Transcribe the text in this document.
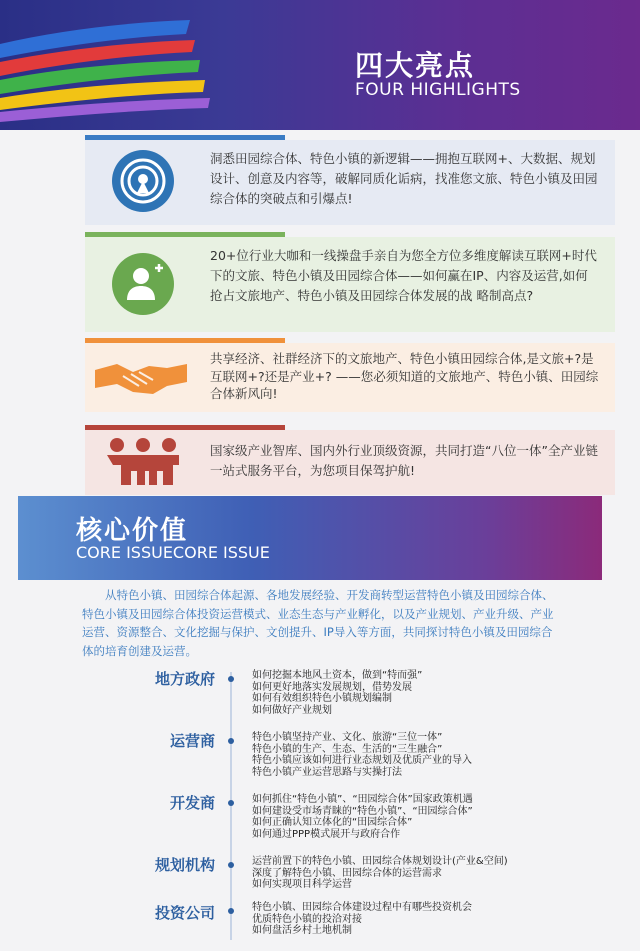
四大亮点
FOUR HIGHLIGHTS
洞悉田园综合体、特色小镇的新逻辑——拥抱互联网+、大数据、规划设计、创意及内容等，破解同质化诟病，找准您文旅、特色小镇及田园综合体的突破点和引爆点!
20+位行业大咖和一线操盘手亲自为您全方位多维度解读互联网+时代下的文旅、特色小镇及田园综合体——如何赢在IP、内容及运营,如何抢占文旅地产、特色小镇及田园综合体发展的战 略制高点?
共享经济、社群经济下的文旅地产、特色小镇田园综合体,是文旅+?是互联网+?还是产业+? ——您必须知道的文旅地产、特色小镇、田园综合体新风向!
国家级产业智库、国内外行业顶级资源，共同打造“八位一体”全产业链一站式服务平台，为您项目保驾护航!
核心价值
CORE ISSUECORE ISSUE
从特色小镇、田园综合体起源、各地发展经验、开发商转型运营特色小镇及田园综合体、特色小镇及田园综合体投资运营模式、业态生态与产业孵化，以及产业规划、产业升级、产业运营、资源整合、文化挖掘与保护、文创提升、IP导入等方面，共同探讨特色小镇及田园综合体的培育创建及运营。
地方政府	如何挖掘本地风土资本，做到“特而强”
如何更好地落实发展规划，借势发展
如何有效组织特色小镇规划编制
如何做好产业规划
运营商	特色小镇坚持产业、文化、旅游“三位一体”
特色小镇的生产、生态、生活的“三生融合”
特色小镇应该如何进行业态规划及优质产业的导入
特色小镇产业运营思路与实操打法
开发商	如何抓住“特色小镇”、“田园综合体”国家政策机遇
如何建设受市场青睐的“特色小镇”、“田园综合体”
如何正确认知立体化的“田园综合体”
如何通过PPP模式展开与政府合作
规划机构	运营前置下的特色小镇、田园综合体规划设计(产业&空间)
深度了解特色小镇、田园综合体的运营需求
如何实现项目科学运营
投资公司	特色小镇、田园综合体建设过程中有哪些投资机会
优质特色小镇的投洽对接
如何盘活乡村土地机制
